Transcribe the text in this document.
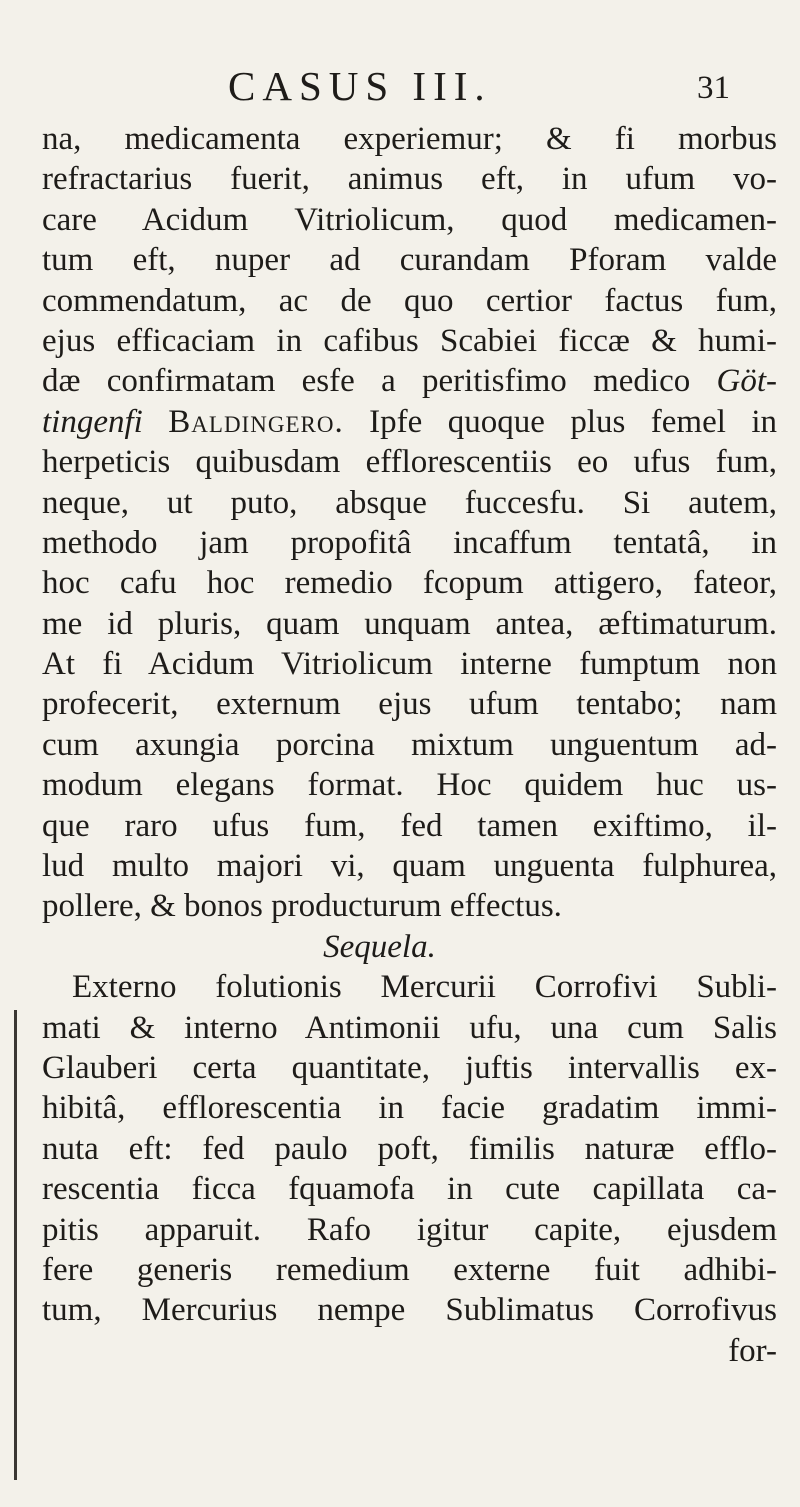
CASUS III.	31
na, medicamenta experiemur; & fi morbus
refractarius fuerit, animus eft, in ufum vo-
care Acidum Vitriolicum, quod medicamen-
tum eft, nuper ad curandam Pforam valde
commendatum, ac de quo certior factus fum,
ejus efficaciam in cafibus Scabiei ficcæ & humi-
dæ confirmatam esfe a peritisfimo medico Göt-
tingenfi Baldingero. Ipfe quoque plus femel in
herpeticis quibusdam efflorescentiis eo ufus fum,
neque, ut puto, absque fuccesfu. Si autem,
methodo jam propofitâ incaffum tentatâ, in
hoc cafu hoc remedio fcopum attigero, fateor,
me id pluris, quam unquam antea, æftimaturum.
At fi Acidum Vitriolicum interne fumptum non
profecerit, externum ejus ufum tentabo; nam
cum axungia porcina mixtum unguentum ad-
modum elegans format. Hoc quidem huc us-
que raro ufus fum, fed tamen exiftimo, il-
lud multo majori vi, quam unguenta fulphurea,
pollere, & bonos producturum effectus.
Sequela.
Externo folutionis Mercurii Corrofivi Subli-
mati & interno Antimonii ufu, una cum Salis
Glauberi certa quantitate, juftis intervallis ex-
hibitâ, efflorescentia in facie gradatim immi-
nuta eft: fed paulo poft, fimilis naturæ efflo-
rescentia ficca fquamofa in cute capillata ca-
pitis apparuit. Rafo igitur capite, ejusdem
fere generis remedium externe fuit adhibi-
tum, Mercurius nempe Sublimatus Corrofivus
for-
